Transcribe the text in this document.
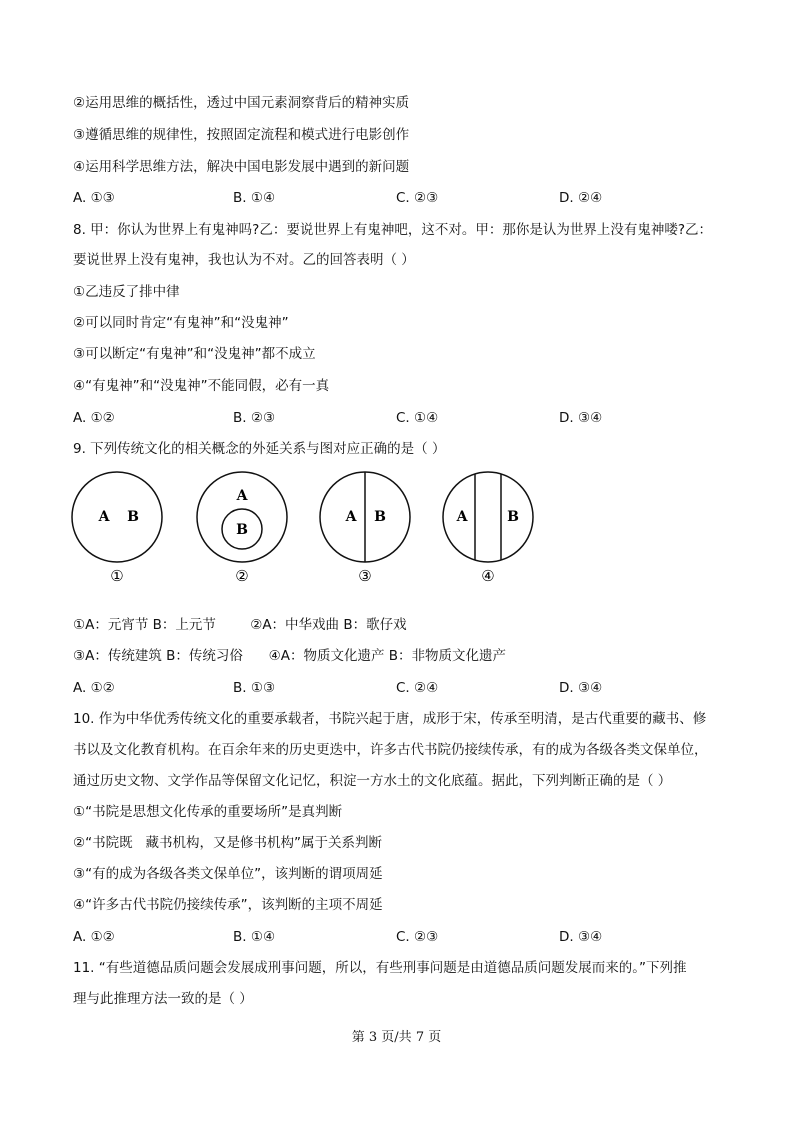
②运用思维的概括性，透过中国元素洞察背后的精神实质
③遵循思维的规律性，按照固定流程和模式进行电影创作
④运用科学思维方法，解决中国电影发展中遇到的新问题
A. ①③	B. ①④	C. ②③	D. ②④
8. 甲：你认为世界上有鬼神吗?乙：要说世界上有鬼神吧，这不对。甲：那你是认为世界上没有鬼神喽?乙：
要说世界上没有鬼神，我也认为不对。乙的回答表明（ ）
①乙违反了排中律
②可以同时肯定“有鬼神”和“没鬼神”
③可以断定“有鬼神”和“没鬼神”都不成立
④“有鬼神”和“没鬼神”不能同假，必有一真
A. ①②	B. ②③	C. ①④	D. ③④
9. 下列传统文化的相关概念的外延关系与图对应正确的是（ ）
A B
①
A
B
②
A B
③
A	B
④
①A：元宵节 B：上元节        ②A：中华戏曲 B：歌仔戏
③A：传统建筑 B：传统习俗      ④A：物质文化遗产 B：非物质文化遗产
A. ①②	B. ①③	C. ②④	D. ③④
10. 作为中华优秀传统文化的重要承载者，书院兴起于唐，成形于宋，传承至明清，是古代重要的藏书、修
书以及文化教育机构。在百余年来的历史更迭中，许多古代书院仍接续传承，有的成为各级各类文保单位，
通过历史文物、文学作品等保留文化记忆，积淀一方水土的文化底蕴。据此，下列判断正确的是（ ）
①“书院是思想文化传承的重要场所”是真判断
②“书院既   藏书机构，又是修书机构”属于关系判断
③“有的成为各级各类文保单位”，该判断的谓项周延
④“许多古代书院仍接续传承”，该判断的主项不周延
A. ①②	B. ①④	C. ②③	D. ③④
11. “有些道德品质问题会发展成刑事问题，所以，有些刑事问题是由道德品质问题发展而来的。”下列推
理与此推理方法一致的是（ ）
第 3 页/共 7 页
